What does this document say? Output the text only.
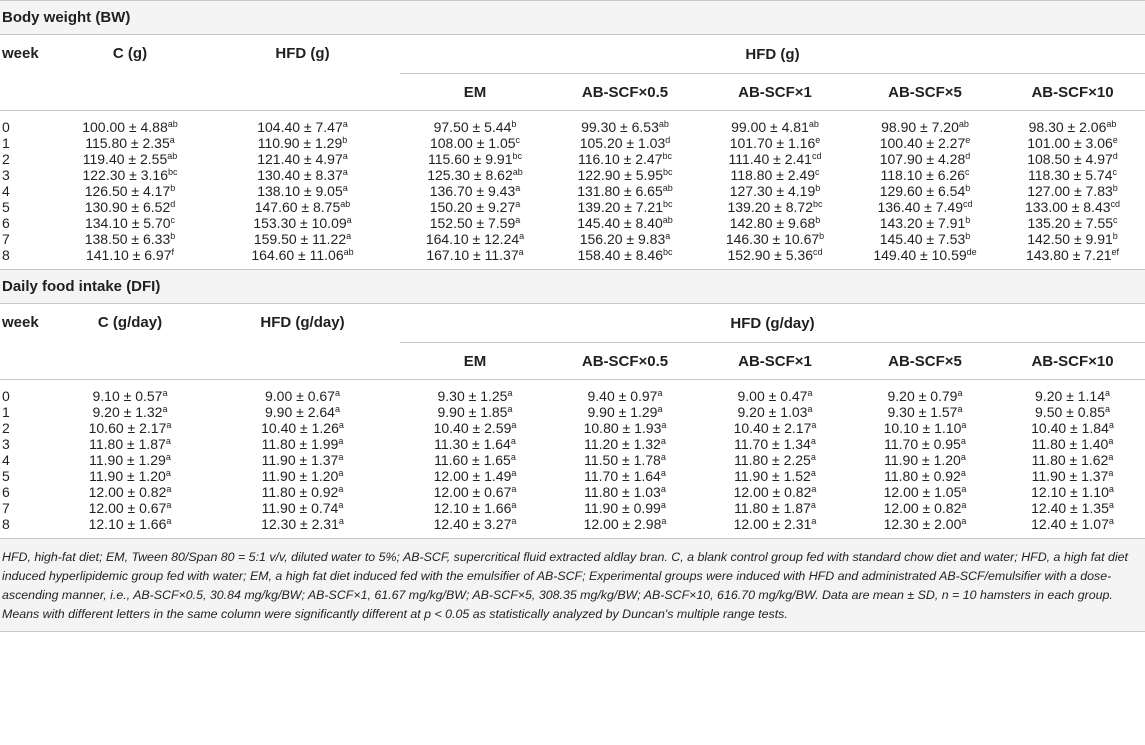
Body weight (BW)
week	C (g)	HFD (g)	HFD (g)				
			EM	AB-SCF×0.5	AB-SCF×1	AB-SCF×5	AB-SCF×10
0	100.00 ± 4.88$^{ab}$	104.40 ± 7.47$^a$	97.50 ± 5.44$^b$	99.30 ± 6.53$^{ab}$	99.00 ± 4.81$^{ab}$	98.90 ± 7.20$^{ab}$	98.30 ± 2.06$^{ab}$
1	115.80 ± 2.35$^a$	110.90 ± 1.29$^b$	108.00 ± 1.05$^c$	105.20 ± 1.03$^d$	101.70 ± 1.16$^e$	100.40 ± 2.27$^e$	101.00 ± 3.06$^e$
2	119.40 ± 2.55$^{ab}$	121.40 ± 4.97$^a$	115.60 ± 9.91$^{bc}$	116.10 ± 2.47$^{bc}$	111.40 ± 2.41$^{cd}$	107.90 ± 4.28$^d$	108.50 ± 4.97$^d$
3	122.30 ± 3.16$^{bc}$	130.40 ± 8.37$^a$	125.30 ± 8.62$^{ab}$	122.90 ± 5.95$^{bc}$	118.80 ± 2.49$^c$	118.10 ± 6.26$^c$	118.30 ± 5.74$^c$
4	126.50 ± 4.17$^b$	138.10 ± 9.05$^a$	136.70 ± 9.43$^a$	131.80 ± 6.65$^{ab}$	127.30 ± 4.19$^b$	129.60 ± 6.54$^b$	127.00 ± 7.83$^b$
5	130.90 ± 6.52$^d$	147.60 ± 8.75$^{ab}$	150.20 ± 9.27$^a$	139.20 ± 7.21$^{bc}$	139.20 ± 8.72$^{bc}$	136.40 ± 7.49$^{cd}$	133.00 ± 8.43$^{cd}$
6	134.10 ± 5.70$^c$	153.30 ± 10.09$^a$	152.50 ± 7.59$^a$	145.40 ± 8.40$^{ab}$	142.80 ± 9.68$^b$	143.20 ± 7.91$^b$	135.20 ± 7.55$^c$
7	138.50 ± 6.33$^b$	159.50 ± 11.22$^a$	164.10 ± 12.24$^a$	156.20 ± 9.83$^a$	146.30 ± 10.67$^b$	145.40 ± 7.53$^b$	142.50 ± 9.91$^b$
8	141.10 ± 6.97$^f$	164.60 ± 11.06$^{ab}$	167.10 ± 11.37$^a$	158.40 ± 8.46$^{bc}$	152.90 ± 5.36$^{cd}$	149.40 ± 10.59de	143.80 ± 7.21$^{ef}$
Daily food intake (DFI)
week	C (g/day)	HFD (g/day)	HFD (g/day)				
			EM	AB-SCF×0.5	AB-SCF×1	AB-SCF×5	AB-SCF×10
0	9.10 ± 0.57$^a$	9.00 ± 0.67$^a$	9.30 ± 1.25$^a$	9.40 ± 0.97$^a$	9.00 ± 0.47$^a$	9.20 ± 0.79$^a$	9.20 ± 1.14$^a$
1	9.20 ± 1.32$^a$	9.90 ± 2.64$^a$	9.90 ± 1.85$^a$	9.90 ± 1.29$^a$	9.20 ± 1.03$^a$	9.30 ± 1.57$^a$	9.50 ± 0.85$^a$
2	10.60 ± 2.17$^a$	10.40 ± 1.26$^a$	10.40 ± 2.59$^a$	10.80 ± 1.93$^a$	10.40 ± 2.17$^a$	10.10 ± 1.10$^a$	10.40 ± 1.84$^a$
3	11.80 ± 1.87$^a$	11.80 ± 1.99$^a$	11.30 ± 1.64$^a$	11.20 ± 1.32$^a$	11.70 ± 1.34$^a$	11.70 ± 0.95$^a$	11.80 ± 1.40$^a$
4	11.90 ± 1.29$^a$	11.90 ± 1.37$^a$	11.60 ± 1.65$^a$	11.50 ± 1.78$^a$	11.80 ± 2.25$^a$	11.90 ± 1.20$^a$	11.80 ± 1.62$^a$
5	11.90 ± 1.20$^a$	11.90 ± 1.20$^a$	12.00 ± 1.49$^a$	11.70 ± 1.64$^a$	11.90 ± 1.52$^a$	11.80 ± 0.92$^a$	11.90 ± 1.37$^a$
6	12.00 ± 0.82$^a$	11.80 ± 0.92$^a$	12.00 ± 0.67$^a$	11.80 ± 1.03$^a$	12.00 ± 0.82$^a$	12.00 ± 1.05$^a$	12.10 ± 1.10$^a$
7	12.00 ± 0.67$^a$	11.90 ± 0.74$^a$	12.10 ± 1.66$^a$	11.90 ± 0.99$^a$	11.80 ± 1.87$^a$	12.00 ± 0.82$^a$	12.40 ± 1.35$^a$
8	12.10 ± 1.66$^a$	12.30 ± 2.31$^a$	12.40 ± 3.27$^a$	12.00 ± 2.98$^a$	12.00 ± 2.31$^a$	12.30 ± 2.00$^a$	12.40 ± 1.07$^a$
HFD, high-fat diet; EM, Tween 80/Span 80 = 5:1 v/v, diluted water to 5%; AB-SCF, supercritical fluid extracted aldlay bran. C, a blank control group fed with standard chow diet and water; HFD, a high fat diet induced hyperlipidemic group fed with water; EM, a high fat diet induced fed with the emulsifier of AB-SCF; Experimental groups were induced with HFD and administrated AB-SCF/emulsifier with a dose-ascending manner, i.e., AB-SCF×0.5, 30.84 mg/kg/BW; AB-SCF×1, 61.67 mg/kg/BW; AB-SCF×5, 308.35 mg/kg/BW; AB-SCF×10, 616.70 mg/kg/BW. Data are mean ± SD, n = 10 hamsters in each group. Means with different letters in the same column were significantly different at p < 0.05 as statistically analyzed by Duncan's multiple range tests.
